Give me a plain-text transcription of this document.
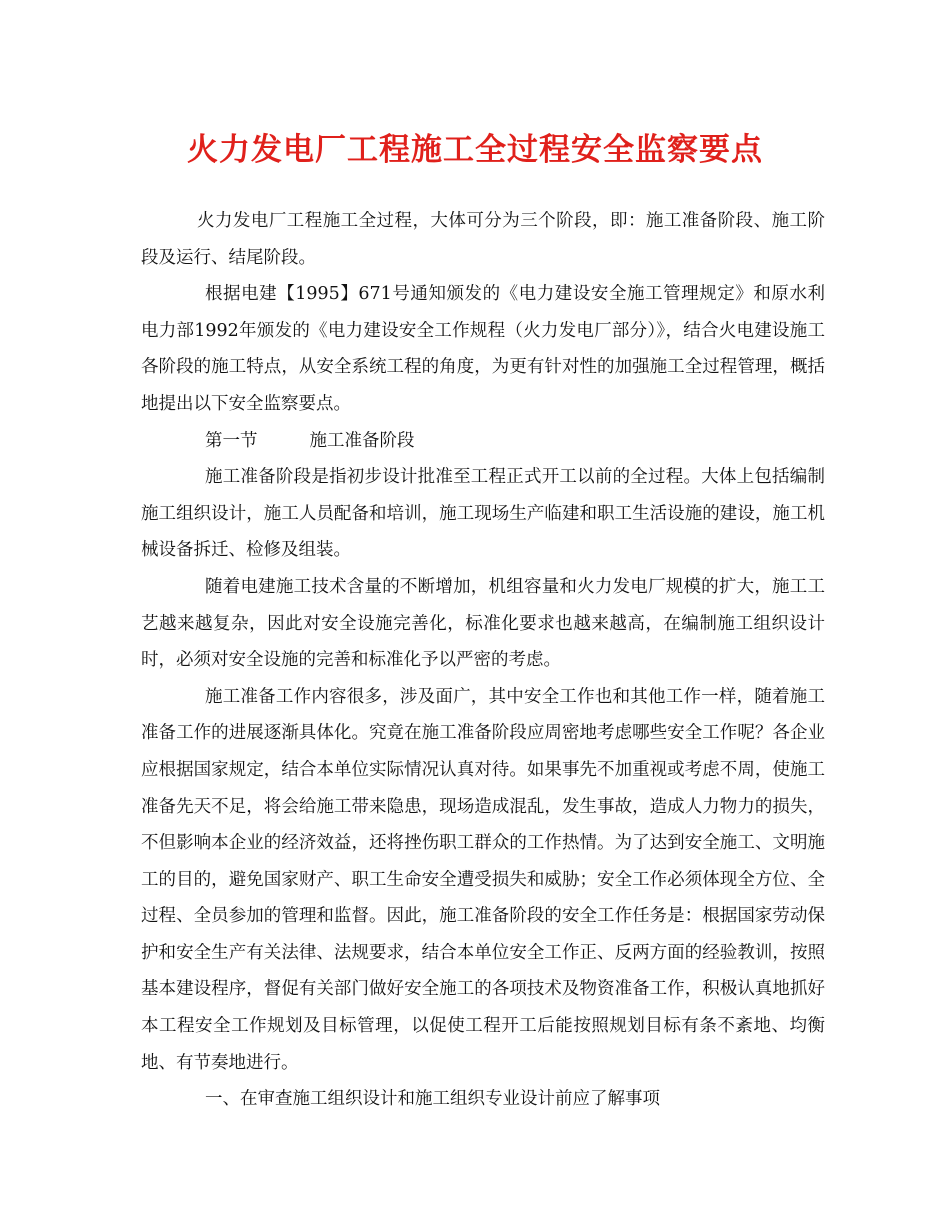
火力发电厂工程施工全过程安全监察要点

火力发电厂工程施工全过程，大体可分为三个阶段，即：施工准备阶段、施工阶段及运行、结尾阶段。

根据电建【1995】671号通知颁发的《电力建设安全施工管理规定》和原水利电力部1992年颁发的《电力建设安全工作规程（火力发电厂部分）》，结合火电建设施工各阶段的施工特点，从安全系统工程的角度，为更有针对性的加强施工全过程管理，概括地提出以下安全监察要点。

第一节	施工准备阶段

施工准备阶段是指初步设计批准至工程正式开工以前的全过程。大体上包括编制施工组织设计，施工人员配备和培训，施工现场生产临建和职工生活设施的建设，施工机械设备拆迁、检修及组装。

随着电建施工技术含量的不断增加，机组容量和火力发电厂规模的扩大，施工工艺越来越复杂，因此对安全设施完善化，标准化要求也越来越高，在编制施工组织设计时，必须对安全设施的完善和标准化予以严密的考虑。

施工准备工作内容很多，涉及面广，其中安全工作也和其他工作一样，随着施工准备工作的进展逐渐具体化。究竟在施工准备阶段应周密地考虑哪些安全工作呢？各企业应根据国家规定，结合本单位实际情况认真对待。如果事先不加重视或考虑不周，使施工准备先天不足，将会给施工带来隐患，现场造成混乱，发生事故，造成人力物力的损失，不但影响本企业的经济效益，还将挫伤职工群众的工作热情。为了达到安全施工、文明施工的目的，避免国家财产、职工生命安全遭受损失和威胁；安全工作必须体现全方位、全过程、全员参加的管理和监督。因此，施工准备阶段的安全工作任务是：根据国家劳动保护和安全生产有关法律、法规要求，结合本单位安全工作正、反两方面的经验教训，按照基本建设程序，督促有关部门做好安全施工的各项技术及物资准备工作，积极认真地抓好本工程安全工作规划及目标管理，以促使工程开工后能按照规划目标有条不紊地、均衡地、有节奏地进行。

一、在审查施工组织设计和施工组织专业设计前应了解事项
